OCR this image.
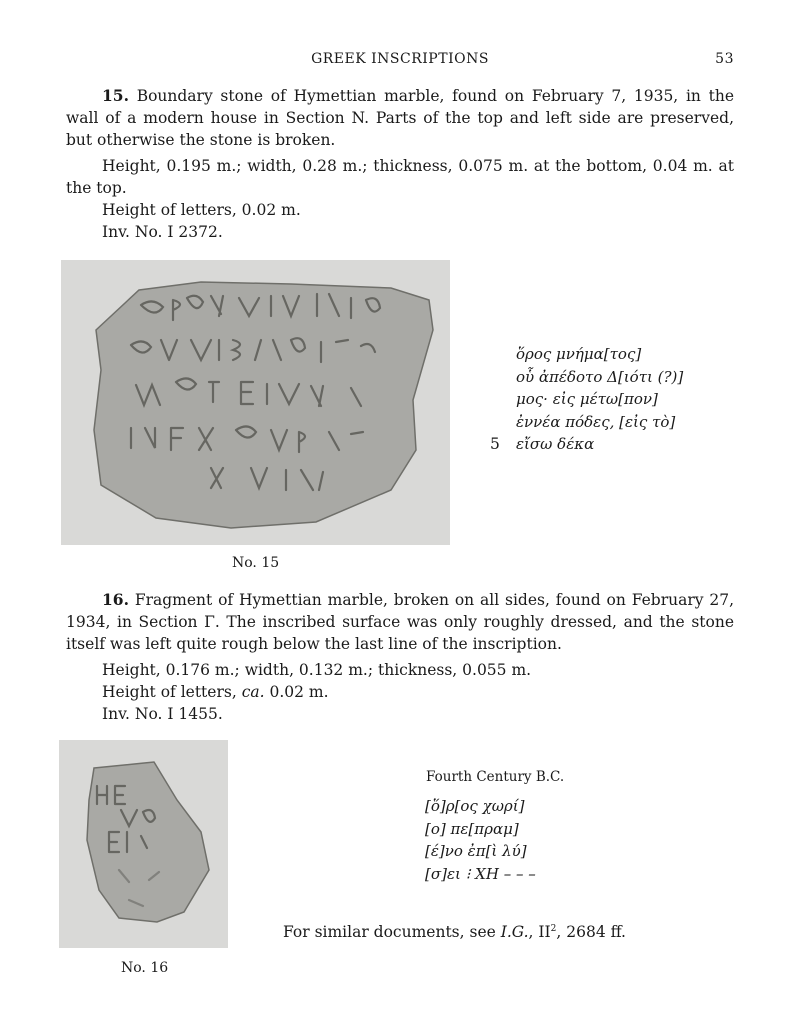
GREEK INSCRIPTIONS	53
15. Boundary stone of Hymettian marble, found on February 7, 1935, in the wall of a modern house in Section N. Parts of the top and left side are preserved, but otherwise the stone is broken.
Height, 0.195 m.; width, 0.28 m.; thickness, 0.075 m. at the bottom, 0.04 m. at the top.
Height of letters, 0.02 m.
Inv. No. I 2372.
No. 15
ὅρος μνήμα[τος]
οὗ ἀπέδοτο Δ[ιότι (?)]
μος· εἰς μέτω[πον]
ἐννέα πόδες, [εἰς τὸ]
εἴσω δέκα
5
16. Fragment of Hymettian marble, broken on all sides, found on February 27, 1934, in Section Γ. The inscribed surface was only roughly dressed, and the stone itself was left quite rough below the last line of the inscription.
Height, 0.176 m.; width, 0.132 m.; thickness, 0.055 m.
Height of letters, ca. 0.02 m.
Inv. No. I 1455.
No. 16
Fourth Century B.C.
[ὅ]ρ[ος χωρί]
[ο] πε[πραμ]
[έ]νο ἐπ[ὶ λύ]
[σ]ει ⁝ ΧΗ – – –
For similar documents, see I.G., $II^2$, 2684 ff.
